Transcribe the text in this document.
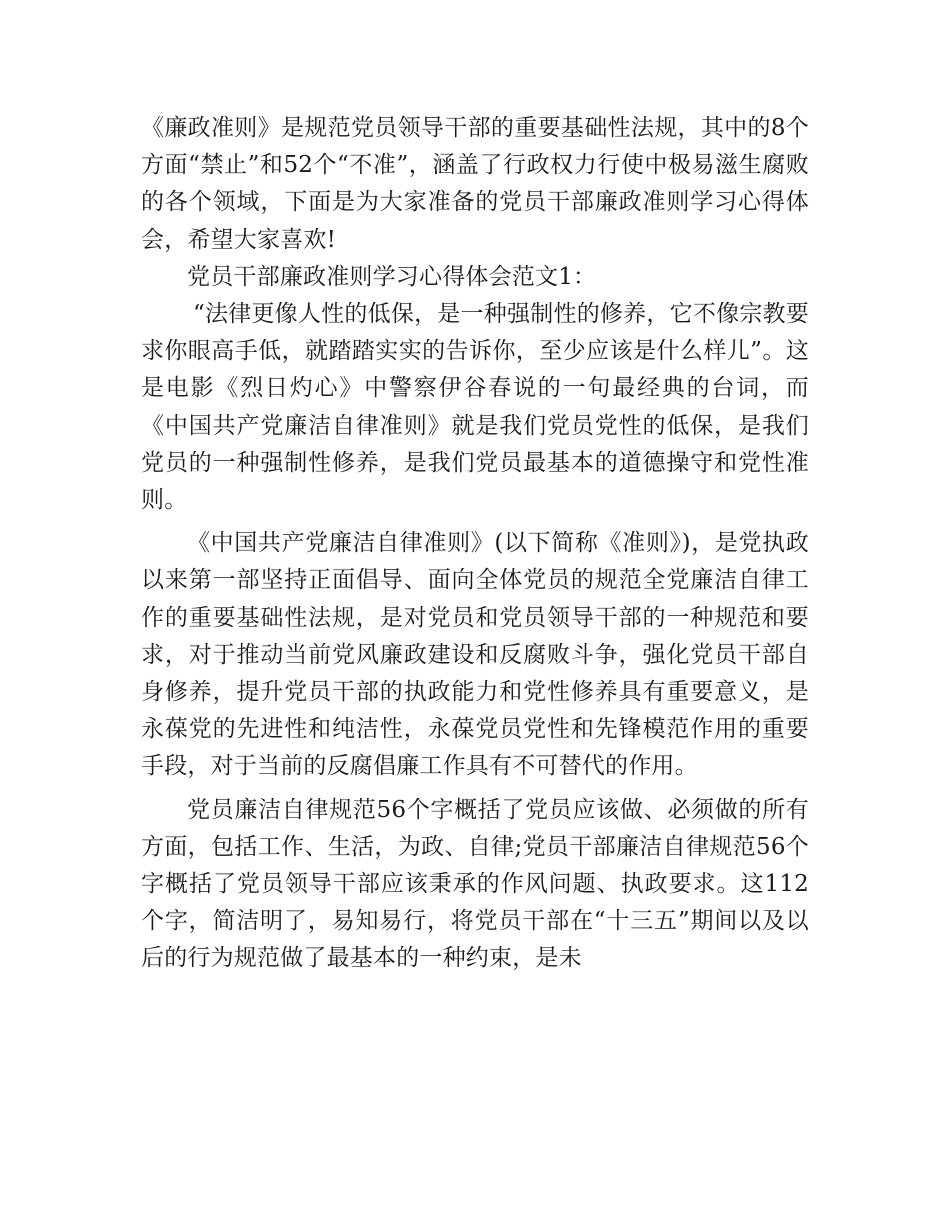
《廉政准则》是规范党员领导干部的重要基础性法规，其中的8个方面“禁止”和52个“不准”，涵盖了行政权力行使中极易滋生腐败的各个领域，下面是为大家准备的党员干部廉政准则学习心得体会，希望大家喜欢!

党员干部廉政准则学习心得体会范文1：

“法律更像人性的低保，是一种强制性的修养，它不像宗教要求你眼高手低，就踏踏实实的告诉你，至少应该是什么样儿”。这是电影《烈日灼心》中警察伊谷春说的一句最经典的台词，而《中国共产党廉洁自律准则》就是我们党员党性的低保，是我们党员的一种强制性修养，是我们党员最基本的道德操守和党性准则。

《中国共产党廉洁自律准则》(以下简称《准则》)，是党执政以来第一部坚持正面倡导、面向全体党员的规范全党廉洁自律工作的重要基础性法规，是对党员和党员领导干部的一种规范和要求，对于推动当前党风廉政建设和反腐败斗争，强化党员干部自身修养，提升党员干部的执政能力和党性修养具有重要意义，是永葆党的先进性和纯洁性，永葆党员党性和先锋模范作用的重要手段，对于当前的反腐倡廉工作具有不可替代的作用。

党员廉洁自律规范56个字概括了党员应该做、必须做的所有方面，包括工作、生活，为政、自律;党员干部廉洁自律规范56个字概括了党员领导干部应该秉承的作风问题、执政要求。这112个字，简洁明了，易知易行，将党员干部在“十三五”期间以及以后的行为规范做了最基本的一种约束，是未
